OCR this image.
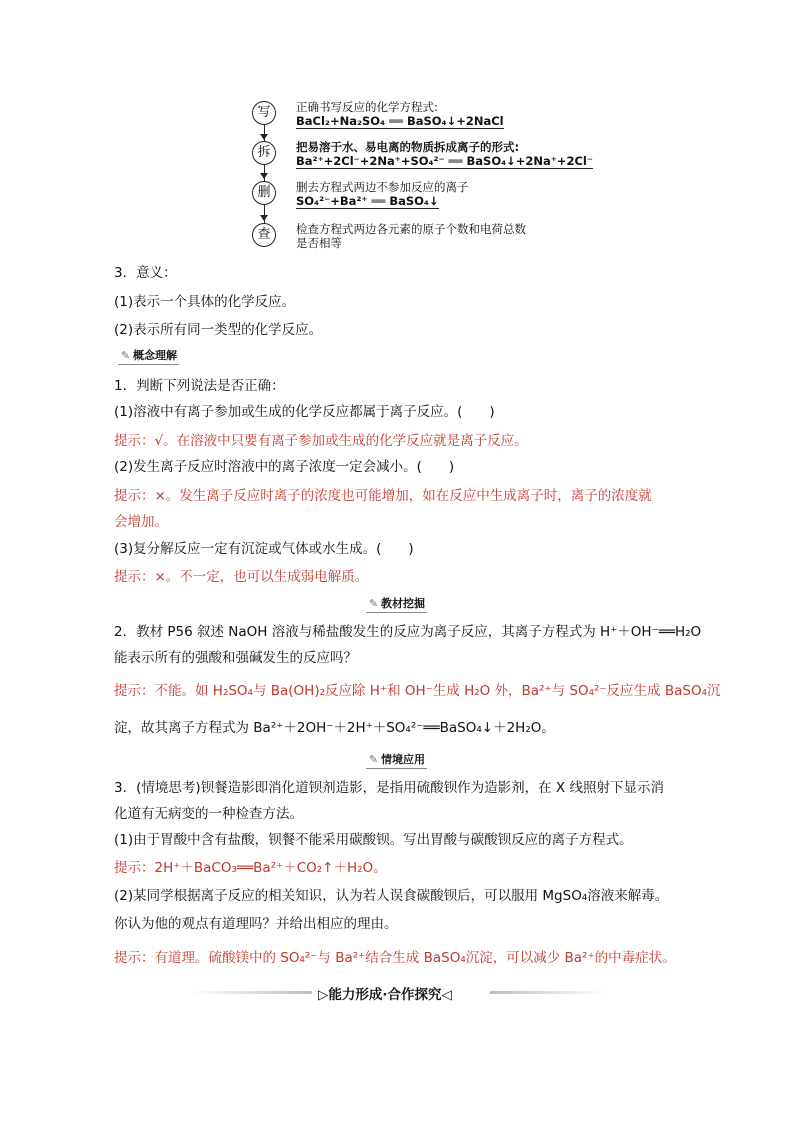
写
拆
删
查
正确书写反应的化学方程式:
BaCl₂+Na₂SO₄ ══ BaSO₄↓+2NaCl
把易溶于水、易电离的物质拆成离子的形式:
Ba²⁺+2Cl⁻+2Na⁺+SO₄²⁻ ══ BaSO₄↓+2Na⁺+2Cl⁻
删去方程式两边不参加反应的离子
SO₄²⁻+Ba²⁺ ══ BaSO₄↓
检查方程式两边各元素的原子个数和电荷总数
是否相等
3．意义：
(1)表示一个具体的化学反应。
(2)表示所有同一类型的化学反应。
✎ 概念理解
1．判断下列说法是否正确：
(1)溶液中有离子参加或生成的化学反应都属于离子反应。(　　)
提示：√。在溶液中只要有离子参加或生成的化学反应就是离子反应。
(2)发生离子反应时溶液中的离子浓度一定会减小。(　　)
提示：×。发生离子反应时离子的浓度也可能增加，如在反应中生成离子时，离子的浓度就
会增加。
(3)复分解反应一定有沉淀或气体或水生成。(　　)
提示：×。不一定，也可以生成弱电解质。
✎ 教材挖掘
2．教材 P56 叙述 NaOH 溶液与稀盐酸发生的反应为离子反应，其离子方程式为 H⁺＋OH⁻══H₂O
能表示所有的强酸和强碱发生的反应吗？
提示：不能。如 H₂SO₄与 Ba(OH)₂反应除 H⁺和 OH⁻生成 H₂O 外，Ba²⁺与 SO₄²⁻反应生成 BaSO₄沉
淀，故其离子方程式为 Ba²⁺＋2OH⁻＋2H⁺＋SO₄²⁻══BaSO₄↓＋2H₂O。
✎ 情境应用
3．(情境思考)钡餐造影即消化道钡剂造影，是指用硫酸钡作为造影剂，在 X 线照射下显示消
化道有无病变的一种检查方法。
(1)由于胃酸中含有盐酸，钡餐不能采用碳酸钡。写出胃酸与碳酸钡反应的离子方程式。
提示：2H⁺＋BaCO₃══Ba²⁺＋CO₂↑＋H₂O。
(2)某同学根据离子反应的相关知识，认为若人误食碳酸钡后，可以服用 MgSO₄溶液来解毒。
你认为他的观点有道理吗？并给出相应的理由。
提示：有道理。硫酸镁中的 SO₄²⁻与 Ba²⁺结合生成 BaSO₄沉淀，可以减少 Ba²⁺的中毒症状。
▷能力形成·合作探究◁
